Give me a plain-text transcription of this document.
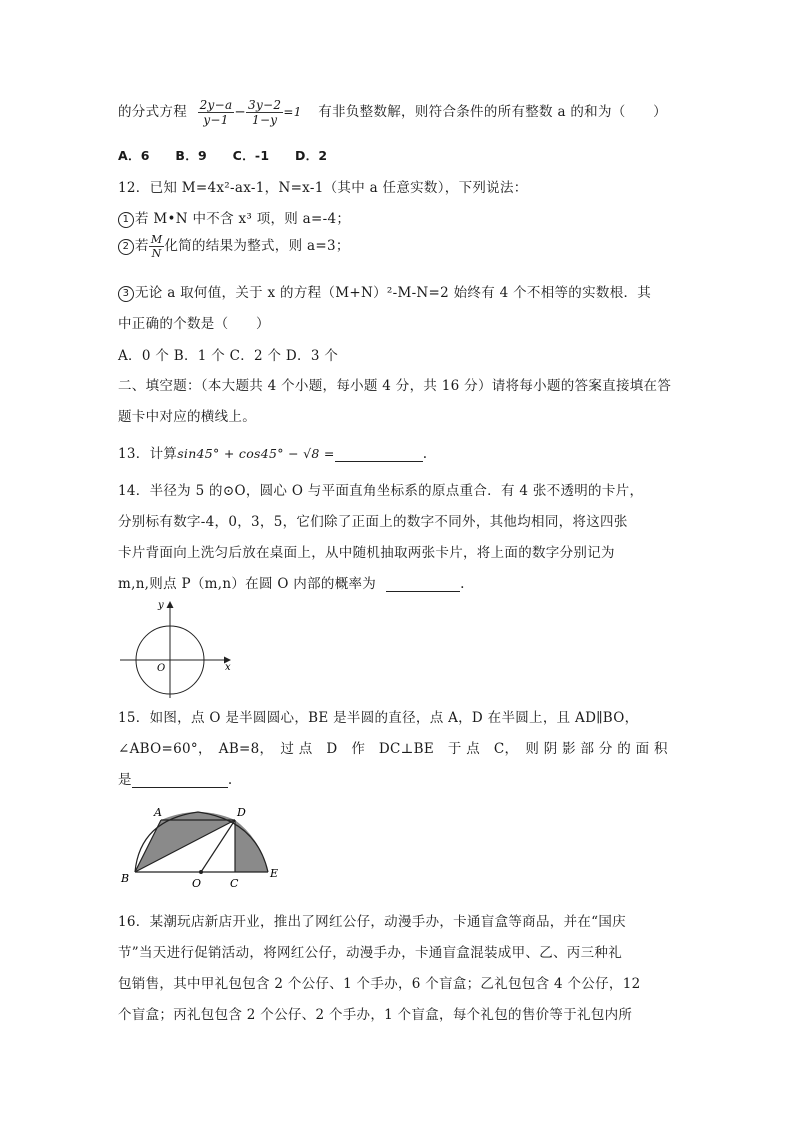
的分式方程 $\frac{2y-a}{y-1} - \frac{3y-2}{1-y} =1$ 有非负整数解，则符合条件的所有整数 a 的和为（　　）
A．6　　B．9　　C．-1　　D．2
12．已知 M=4x²-ax-1，N=x-1（其中 a 任意实数），下列说法：
1 若 M•N 中不含 x³ 项，则 a=-4；
2 若 $\frac{M}{N}$ 化简的结果为整式，则 a=3；
3 无论 a 取何值，关于 x 的方程（M+N）²-M-N=2 始终有 4 个不相等的实数根．其
中正确的个数是（　　）
A．0 个 B．1 个 C．2 个 D．3 个
二、填空题：（本大题共 4 个小题，每小题 4 分，共 16 分）请将每小题的答案直接填在答
题卡中对应的横线上。
13．计算sin45° + cos45° − √8 =	.
14．半径为 5 的⊙O，圆心 O 与平面直角坐标系的原点重合．有 4 张不透明的卡片，
分别标有数字-4，0，3，5，它们除了正面上的数字不同外，其他均相同，将这四张
卡片背面向上洗匀后放在桌面上，从中随机抽取两张卡片，将上面的数字分别记为
m,n,则点 P（m,n）在圆 O 内部的概率为	.
y
x
O
15．如图，点 O 是半圆圆心，BE 是半圆的直径，点 A，D 在半圆上，且 AD∥BO，
∠ABO=60°，　AB=8，　过 点　D　作　DC⊥BE　于 点　C，　则 阴 影 部 分 的 面 积
是	.
A	D
B	O	C
E
16．某潮玩店新店开业，推出了网红公仔，动漫手办，卡通盲盒等商品，并在“国庆
节”当天进行促销活动，将网红公仔，动漫手办，卡通盲盒混装成甲、乙、丙三种礼
包销售，其中甲礼包包含 2 个公仔、1 个手办，6 个盲盒；乙礼包包含 4 个公仔，12
个盲盒；丙礼包包含 2 个公仔、2 个手办，1 个盲盒，每个礼包的售价等于礼包内所
